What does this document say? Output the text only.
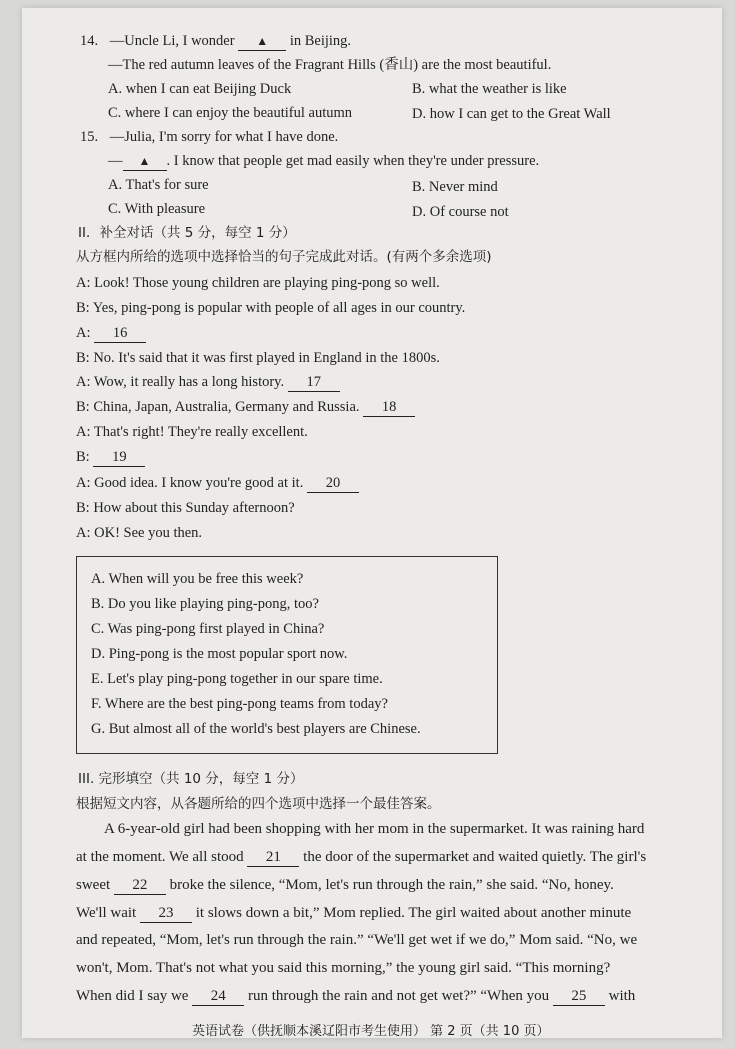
14. —Uncle Li, I wonder ▲ in Beijing.
—The red autumn leaves of the Fragrant Hills (香山) are the most beautiful.
A. when I can eat Beijing Duck	B. what the weather is like
C. where I can enjoy the beautiful autumn	D. how I can get to the Great Wall
15. —Julia, I'm sorry for what I have done.
— ▲ . I know that people get mad easily when they're under pressure.
A. That's for sure	B. Never mind
C. With pleasure	D. Of course not
II．补全对话（共 5 分，每空 1 分）
从方框内所给的选项中选择恰当的句子完成此对话。(有两个多余选项)
A: Look! Those young children are playing ping-pong so well.
B: Yes, ping-pong is popular with people of all ages in our country.
A: 16
B: No. It's said that it was first played in England in the 1800s.
A: Wow, it really has a long history. 17
B: China, Japan, Australia, Germany and Russia. 18
A: That's right! They're really excellent.
B: 19
A: Good idea. I know you're good at it. 20
B: How about this Sunday afternoon?
A: OK! See you then.
A. When will you be free this week?
B. Do you like playing ping-pong, too?
C. Was ping-pong first played in China?
D. Ping-pong is the most popular sport now.
E. Let's play ping-pong together in our spare time.
F. Where are the best ping-pong teams from today?
G. But almost all of the world's best players are Chinese.
III. 完形填空（共 10 分，每空 1 分）
根据短文内容，从各题所给的四个选项中选择一个最佳答案。
A 6-year-old girl had been shopping with her mom in the supermarket. It was raining hard
at the moment. We all stood 21 the door of the supermarket and waited quietly. The girl's
sweet 22 broke the silence, “Mom, let's run through the rain,” she said. “No, honey.
We'll wait 23 it slows down a bit,” Mom replied. The girl waited about another minute
and repeated, “Mom, let's run through the rain.” “We'll get wet if we do,” Mom said. “No, we
won't, Mom. That's not what you said this morning,” the young girl said. “This morning?
When did I say we 24 run through the rain and not get wet?” “When you 25 with
英语试卷（供抚顺本溪辽阳市考生使用） 第 2 页（共 10 页）
